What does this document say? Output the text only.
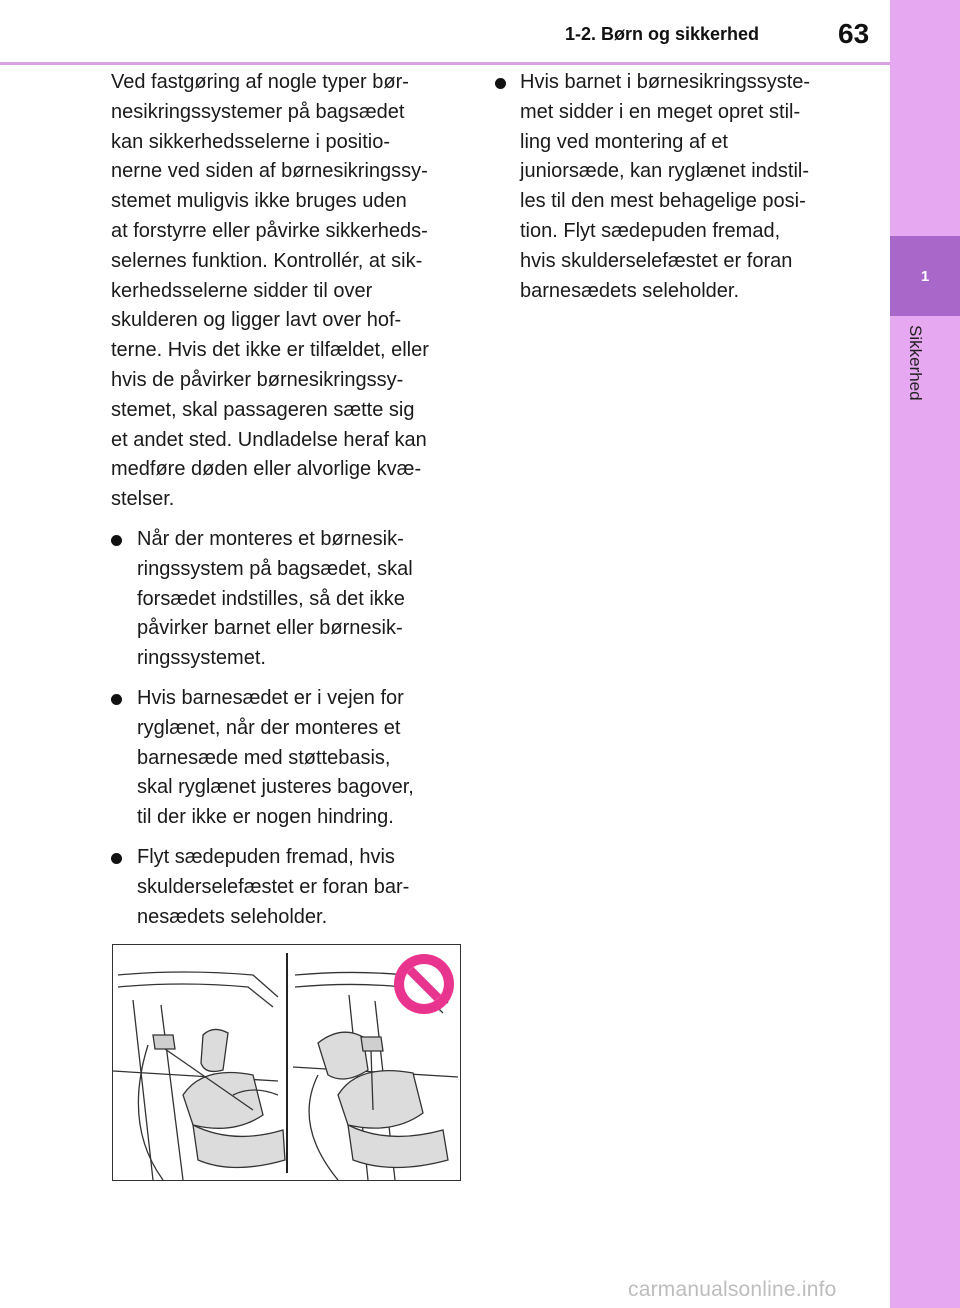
1-2. Børn og sikkerhed	63
1
Sikkerhed

Ved fastgøring af nogle typer bør-
nesikringssystemer på bagsædet
kan sikkerhedsselerne i positio-
nerne ved siden af børnesikringssy-
stemet muligvis ikke bruges uden
at forstyrre eller påvirke sikkerheds-
selernes funktion. Kontrollér, at sik-
kerhedsselerne sidder til over
skulderen og ligger lavt over hof-
terne. Hvis det ikke er tilfældet, eller
hvis de påvirker børnesikringssy-
stemet, skal passageren sætte sig
et andet sted. Undladelse heraf kan
medføre døden eller alvorlige kvæ-
stelser.

Når der monteres et børnesik-
ringssystem på bagsædet, skal
forsædet indstilles, så det ikke
påvirker barnet eller børnesik-
ringssystemet.
Hvis barnesædet er i vejen for
ryglænet, når der monteres et
barnesæde med støttebasis,
skal ryglænet justeres bagover,
til der ikke er nogen hindring.
Flyt sædepuden fremad, hvis
skulderselefæstet er foran bar-
nesædets seleholder.
Hvis barnet i børnesikringssyste-
met sidder i en meget opret stil-
ling ved montering af et
juniorsæde, kan ryglænet indstil-
les til den mest behagelige posi-
tion. Flyt sædepuden fremad,
hvis skulderselefæstet er foran
barnesædets seleholder.
carmanualsonline.info
